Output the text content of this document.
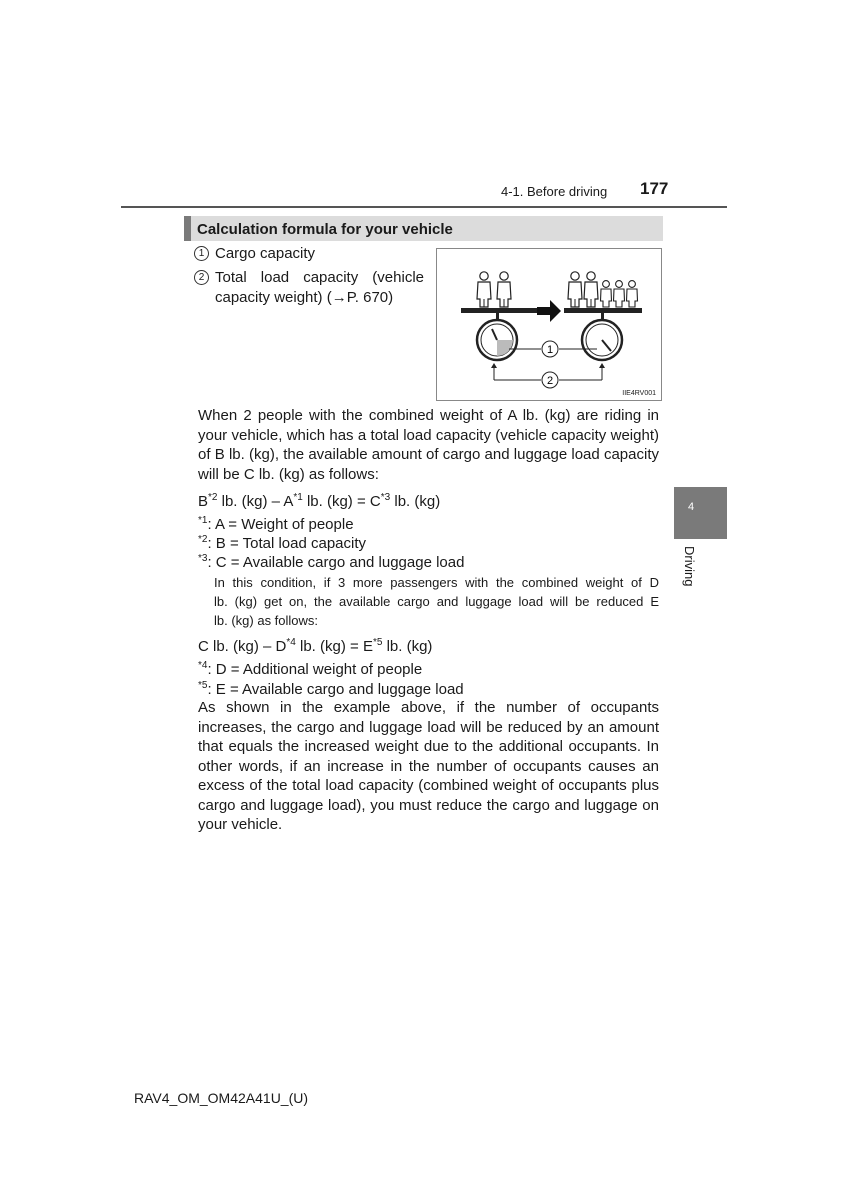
4-1. Before driving 177
4
Driving
Calculation formula for your vehicle
1 Cargo capacity
2 Total load capacity (vehicle
capacity weight) (→P. 670)
1
2
IIE4RV001
When 2 people with the combined weight of A lb. (kg) are riding in
your vehicle, which has a total load capacity (vehicle capacity weight)
of B lb. (kg), the available amount of cargo and luggage load capacity
will be C lb. (kg) as follows:
$B^{*2}$ lb. $(kg) - A^{*1}$ lb. $(kg) = C^{*3}$ lb. (kg)
$^{*1}$: A = Weight of people
$^{*2}$: B = Total load capacity
$^{*3}$: C = Available cargo and luggage load
In this condition, if 3 more passengers with the combined weight of D
lb. (kg) get on, the available cargo and luggage load will be reduced E
lb. (kg) as follows:
C lb. $(kg) - D^{*4}$ lb. $(kg) = E^{*5}$ lb. (kg)
$^{*4}$: D = Additional weight of people
$^{*5}$: E = Available cargo and luggage load
As shown in the example above, if the number of occupants
increases, the cargo and luggage load will be reduced by an amount
that equals the increased weight due to the additional occupants. In
other words, if an increase in the number of occupants causes an
excess of the total load capacity (combined weight of occupants plus
cargo and luggage load), you must reduce the cargo and luggage on
your vehicle.
RAV4_OM_OM42A41U_(U)
